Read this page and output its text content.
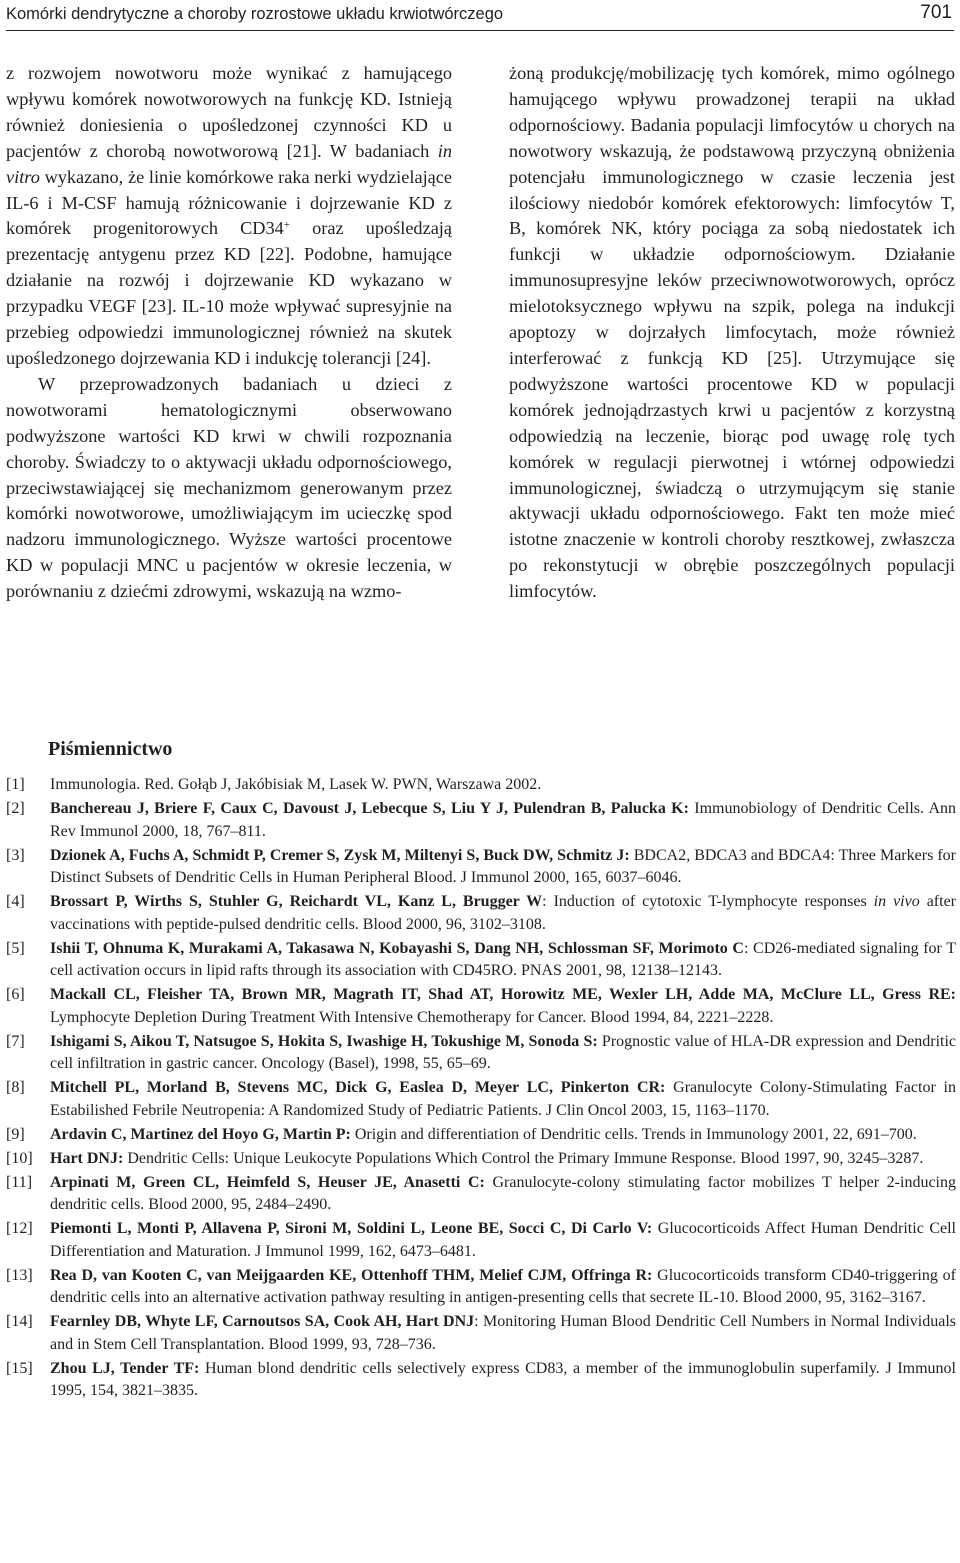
Komórki dendrytyczne a choroby rozrostowe układu krwiotwórczego	701

z rozwojem nowotworu może wynikać z hamującego wpływu komórek nowotworowych na funkcję KD. Istnieją również doniesienia o upośledzonej czynności KD u pacjentów z chorobą nowotworową [21]. W badaniach in vitro wykazano, że linie komórkowe raka nerki wydzielające IL-6 i M-CSF hamują różnicowanie i dojrzewanie KD z komórek progenitorowych CD34+ oraz upośledzają prezentację antygenu przez KD [22]. Podobne, hamujące działanie na rozwój i dojrzewanie KD wykazano w przypadku VEGF [23]. IL-10 może wpływać supresyjnie na przebieg odpowiedzi immunologicznej również na skutek upośledzonego dojrzewania KD i indukcję tolerancji [24].

W przeprowadzonych badaniach u dzieci z nowotworami hematologicznymi obserwowano podwyższone wartości KD krwi w chwili rozpoznania choroby. Świadczy to o aktywacji układu odpornościowego, przeciwstawiającej się mechanizmom generowanym przez komórki nowotworowe, umożliwiającym im ucieczkę spod nadzoru immunologicznego. Wyższe wartości procentowe KD w populacji MNC u pacjentów w okresie leczenia, w porównaniu z dziećmi zdrowymi, wskazują na wzmo-

żoną produkcję/mobilizację tych komórek, mimo ogólnego hamującego wpływu prowadzonej terapii na układ odpornościowy. Badania populacji limfocytów u chorych na nowotwory wskazują, że podstawową przyczyną obniżenia potencjału immunologicznego w czasie leczenia jest ilościowy niedobór komórek efektorowych: limfocytów T, B, komórek NK, który pociąga za sobą niedostatek ich funkcji w układzie odpornościowym. Działanie immunosupresyjne leków przeciwnowotworowych, oprócz mielotoksycznego wpływu na szpik, polega na indukcji apoptozy w dojrzałych limfocytach, może również interferować z funkcją KD [25]. Utrzymujące się podwyższone wartości procentowe KD w populacji komórek jednojądrzastych krwi u pacjentów z korzystną odpowiedzią na leczenie, biorąc pod uwagę rolę tych komórek w regulacji pierwotnej i wtórnej odpowiedzi immunologicznej, świadczą o utrzymującym się stanie aktywacji układu odpornościowego. Fakt ten może mieć istotne znaczenie w kontroli choroby resztkowej, zwłaszcza po rekonstytucji w obrębie poszczególnych populacji limfocytów.

Piśmiennictwo
[1]	Immunologia. Red. Gołąb J, Jakóbisiak M, Lasek W. PWN, Warszawa 2002.
[2]	Banchereau J, Briere F, Caux C, Davoust J, Lebecque S, Liu Y J, Pulendran B, Palucka K: Immunobiology of Dendritic Cells. Ann Rev Immunol 2000, 18, 767–811.
[3]	Dzionek A, Fuchs A, Schmidt P, Cremer S, Zysk M, Miltenyi S, Buck DW, Schmitz J: BDCA2, BDCA3 and BDCA4: Three Markers for Distinct Subsets of Dendritic Cells in Human Peripheral Blood. J Immunol 2000, 165, 6037–6046.
[4]	Brossart P, Wirths S, Stuhler G, Reichardt VL, Kanz L, Brugger W: Induction of cytotoxic T-lymphocyte responses in vivo after vaccinations with peptide-pulsed dendritic cells. Blood 2000, 96, 3102–3108.
[5]	Ishii T, Ohnuma K, Murakami A, Takasawa N, Kobayashi S, Dang NH, Schlossman SF, Morimoto C: CD26-mediated signaling for T cell activation occurs in lipid rafts through its association with CD45RO. PNAS 2001, 98, 12138–12143.
[6]	Mackall CL, Fleisher TA, Brown MR, Magrath IT, Shad AT, Horowitz ME, Wexler LH, Adde MA, McClure LL, Gress RE: Lymphocyte Depletion During Treatment With Intensive Chemotherapy for Cancer. Blood 1994, 84, 2221–2228.
[7]	Ishigami S, Aikou T, Natsugoe S, Hokita S, Iwashige H, Tokushige M, Sonoda S: Prognostic value of HLA-DR expression and Dendritic cell infiltration in gastric cancer. Oncology (Basel), 1998, 55, 65–69.
[8]	Mitchell PL, Morland B, Stevens MC, Dick G, Easlea D, Meyer LC, Pinkerton CR: Granulocyte Colony-Stimulating Factor in Estabilished Febrile Neutropenia: A Randomized Study of Pediatric Patients. J Clin Oncol 2003, 15, 1163–1170.
[9]	Ardavin C, Martinez del Hoyo G, Martin P: Origin and differentiation of Dendritic cells. Trends in Immunology 2001, 22, 691–700.
[10]	Hart DNJ: Dendritic Cells: Unique Leukocyte Populations Which Control the Primary Immune Response. Blood 1997, 90, 3245–3287.
[11]	Arpinati M, Green CL, Heimfeld S, Heuser JE, Anasetti C: Granulocyte-colony stimulating factor mobilizes T helper 2-inducing dendritic cells. Blood 2000, 95, 2484–2490.
[12]	Piemonti L, Monti P, Allavena P, Sironi M, Soldini L, Leone BE, Socci C, Di Carlo V: Glucocorticoids Affect Human Dendritic Cell Differentiation and Maturation. J Immunol 1999, 162, 6473–6481.
[13]	Rea D, van Kooten C, van Meijgaarden KE, Ottenhoff THM, Melief CJM, Offringa R: Glucocorticoids transform CD40-triggering of dendritic cells into an alternative activation pathway resulting in antigen-presenting cells that secrete IL-10. Blood 2000, 95, 3162–3167.
[14]	Fearnley DB, Whyte LF, Carnoutsos SA, Cook AH, Hart DNJ: Monitoring Human Blood Dendritic Cell Numbers in Normal Individuals and in Stem Cell Transplantation. Blood 1999, 93, 728–736.
[15]	Zhou LJ, Tender TF: Human blond dendritic cells selectively express CD83, a member of the immunoglobulin superfamily. J Immunol 1995, 154, 3821–3835.
